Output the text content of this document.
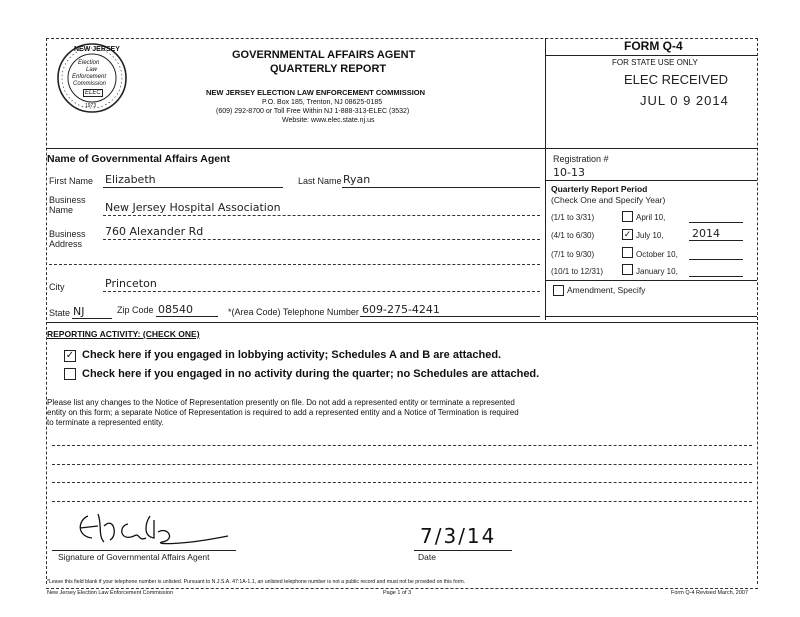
NEW JERSEY
Election
Law
Enforcement
Commission
ELEC
1973
GOVERNMENTAL AFFAIRS AGENT
QUARTERLY REPORT
NEW JERSEY ELECTION LAW ENFORCEMENT COMMISSION
P.O. Box 185, Trenton, NJ 08625-0185
(609) 292-8700 or Toll Free Within NJ 1-888-313-ELEC (3532)
Website: www.elec.state.nj.us
FORM Q-4
FOR STATE USE ONLY
ELEC RECEIVED
JUL 0 9 2014
Name of Governmental Affairs Agent
First Name Elizabeth	Last Name Ryan
Business
Name	New Jersey Hospital Association
Business
Address
760 Alexander Rd
City	Princeton
State NJ	Zip Code 08540	*(Area Code) Telephone Number 609-275-4241
Registration #
10-13
Quarterly Report Period
(Check One and Specify Year)
(1/1 to 3/31)	April 10,
(4/1 to 6/30)	✓ July 10,	2014
(7/1 to 9/30)	October 10,
(10/1 to 12/31)	January 10,
Amendment, Specify
REPORTING ACTIVITY: (CHECK ONE)
✓ Check here if you engaged in lobbying activity; Schedules A and B are attached.
Check here if you engaged in no activity during the quarter; no Schedules are attached.
Please list any changes to the Notice of Representation presently on file. Do not add a represented entity or terminate a represented
entity on this form; a separate Notice of Representation is required to add a represented entity and a Notice of Termination is required
to terminate a represented entity.
Signature of Governmental Affairs Agent
7/3/14
Date
*Leave this field blank if your telephone number is unlisted. Pursuant to N.J.S.A. 47:1A-1.1, an unlisted telephone number is not a public record and must not be provided on this form.
New Jersey Election Law Enforcement Commission	Page 1 of 3	Form Q-4 Revised March, 2007
